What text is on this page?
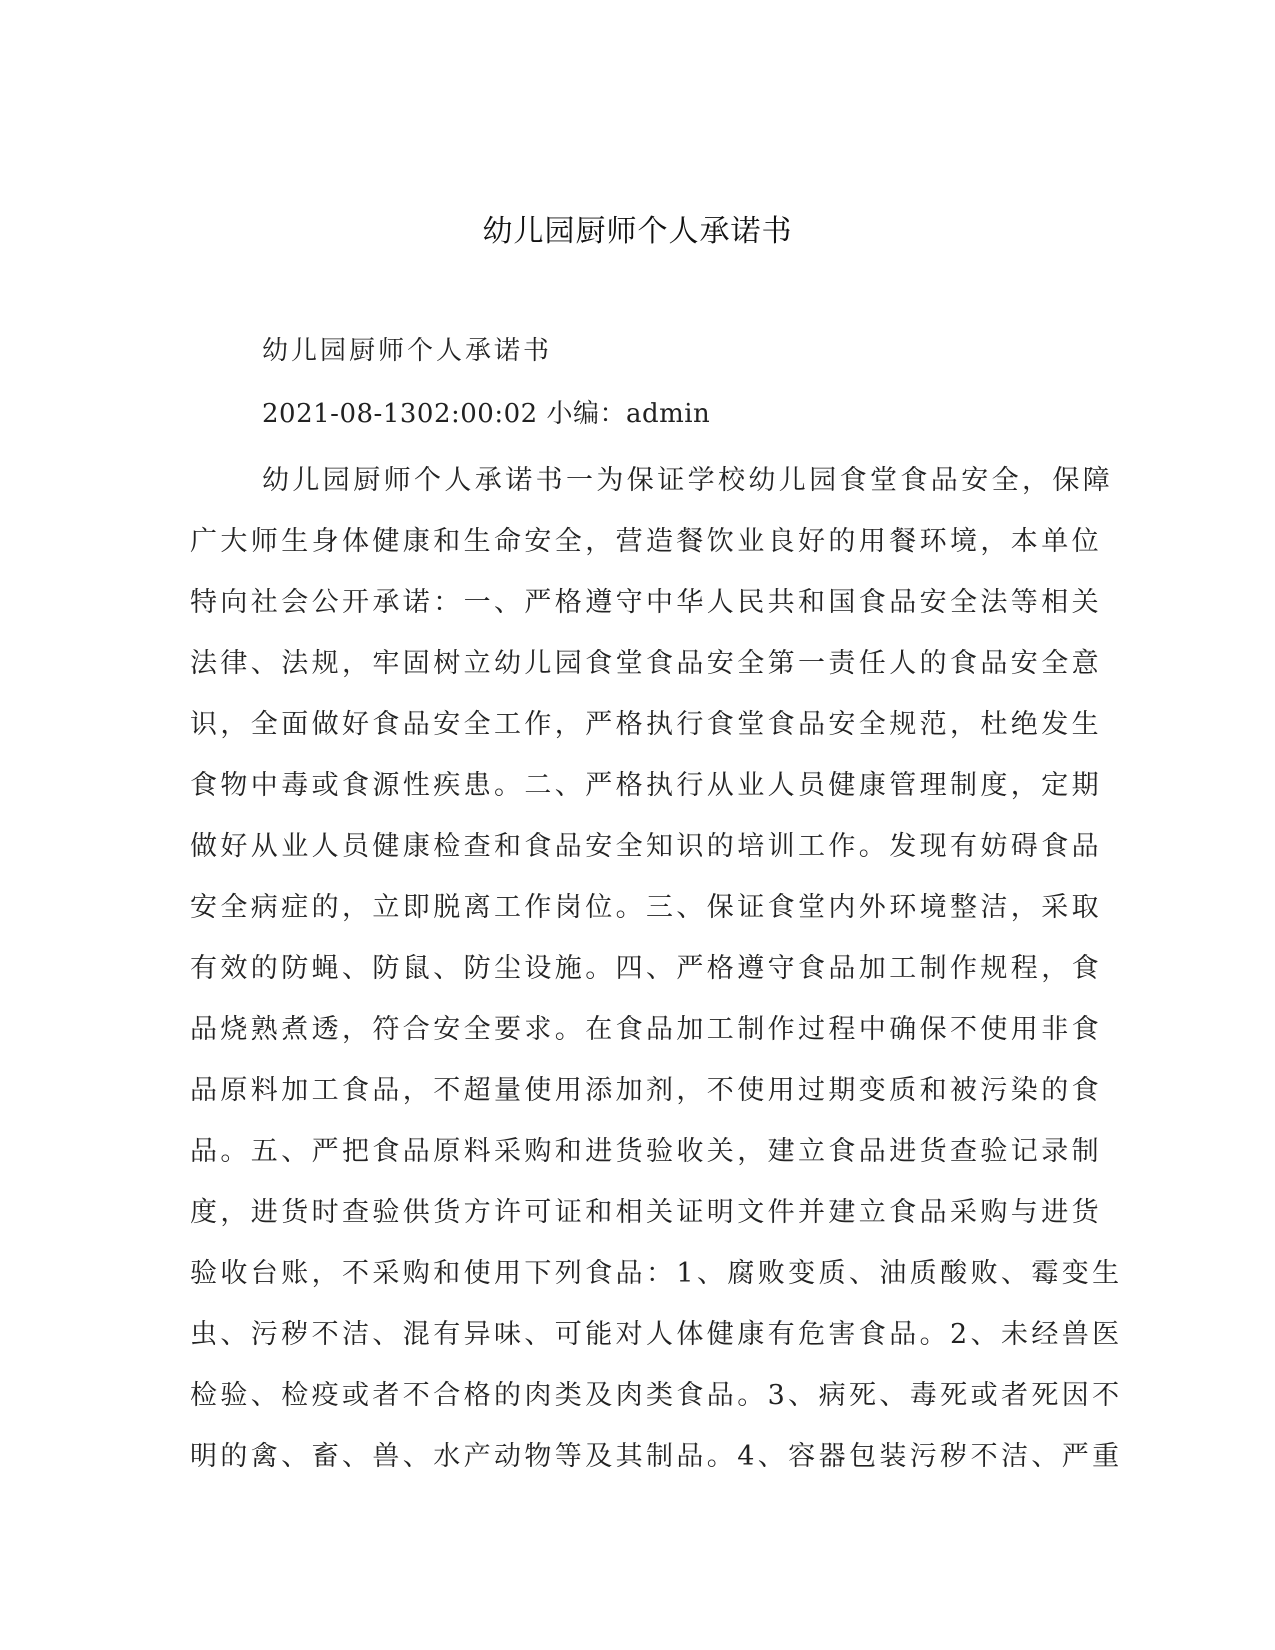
幼儿园厨师个人承诺书

幼儿园厨师个人承诺书

2021-08-1302:00:02 小编：admin

幼儿园厨师个人承诺书一为保证学校幼儿园食堂食品安全，保障
广大师生身体健康和生命安全，营造餐饮业良好的用餐环境，本单位
特向社会公开承诺：一、严格遵守中华人民共和国食品安全法等相关
法律、法规，牢固树立幼儿园食堂食品安全第一责任人的食品安全意
识，全面做好食品安全工作，严格执行食堂食品安全规范，杜绝发生
食物中毒或食源性疾患。二、严格执行从业人员健康管理制度，定期
做好从业人员健康检查和食品安全知识的培训工作。发现有妨碍食品
安全病症的，立即脱离工作岗位。三、保证食堂内外环境整洁，采取
有效的防蝇、防鼠、防尘设施。四、严格遵守食品加工制作规程，食
品烧熟煮透，符合安全要求。在食品加工制作过程中确保不使用非食
品原料加工食品，不超量使用添加剂，不使用过期变质和被污染的食
品。五、严把食品原料采购和进货验收关，建立食品进货查验记录制
度，进货时查验供货方许可证和相关证明文件并建立食品采购与进货
验收台账，不采购和使用下列食品：1、腐败变质、油质酸败、霉变生
虫、污秽不洁、混有异味、可能对人体健康有危害食品。2、未经兽医
检验、检疫或者不合格的肉类及肉类食品。3、病死、毒死或者死因不
明的禽、畜、兽、水产动物等及其制品。4、容器包装污秽不洁、严重
